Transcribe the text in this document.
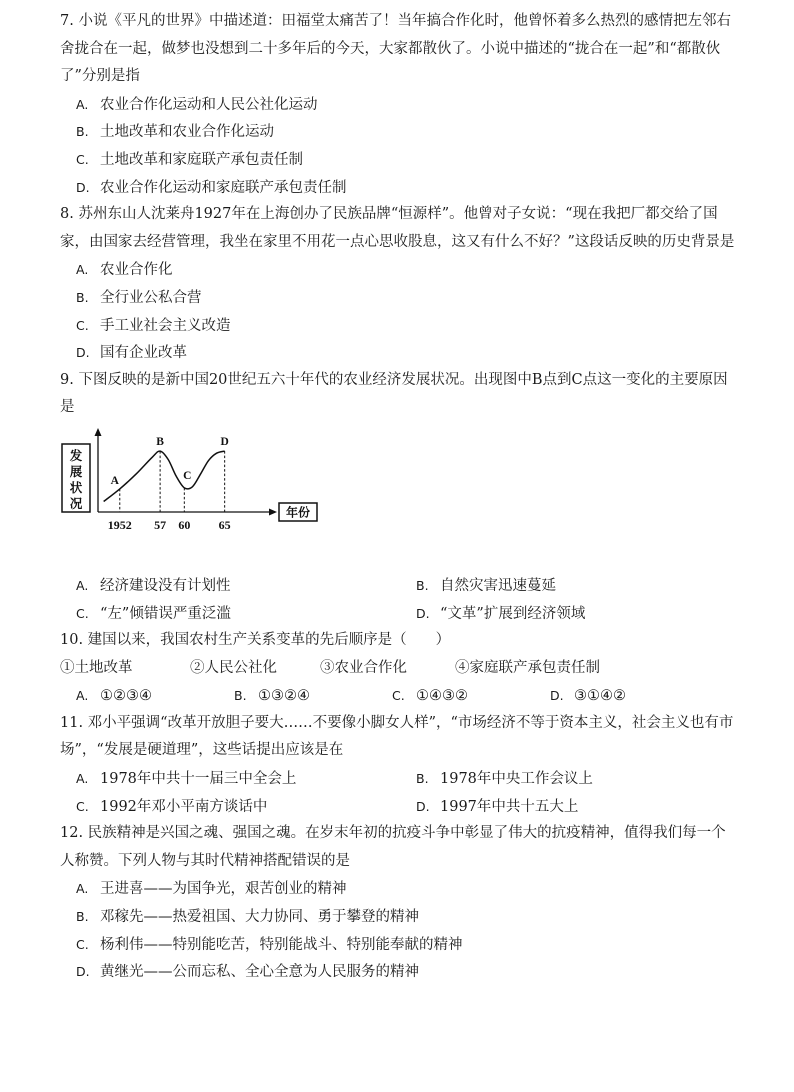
7. 小说《平凡的世界》中描述道：田福堂太痛苦了！当年搞合作化时，他曾怀着多么热烈的感情把左邻右舍拢合在一起，做梦也没想到二十多年后的今天，大家都散伙了。小说中描述的“拢合在一起”和“都散伙了”分别是指

A. 农业合作化运动和人民公社化运动
B. 土地改革和农业合作化运动
C. 土地改革和家庭联产承包责任制
D. 农业合作化运动和家庭联产承包责任制

8. 苏州东山人沈莱舟1927年在上海创办了民族品牌“恒源样”。他曾对子女说：“现在我把厂都交给了国家，由国家去经营管理，我坐在家里不用花一点心思收股息，这又有什么不好？”这段话反映的历史背景是

A. 农业合作化
B. 全行业公私合营
C. 手工业社会主义改造
D. 国有企业改革

9. 下图反映的是新中国20世纪五六十年代的农业经济发展状况。出现图中B点到C点这一变化的主要原因是

发
展
状
况
年份
A
1952
B
57
C
60
D
65
A. 经济建设没有计划性	B. 自然灾害迅速蔓延
C. “左”倾错误严重泛滥	D. “文革”扩展到经济领域

10. 建国以来，我国农村生产关系变革的先后顺序是（　　）

①土地改革	②人民公社化	③农业合作化	④家庭联产承包责任制
A. ①②③④	B. ①③②④	C. ①④③②	D. ③①④②

11. 邓小平强调“改革开放胆子要大……不要像小脚女人样”，“市场经济不等于资本主义，社会主义也有市场”，“发展是硬道理”，这些话提出应该是在

A. 1978年中共十一届三中全会上	B. 1978年中央工作会议上
C. 1992年邓小平南方谈话中	D. 1997年中共十五大上

12. 民族精神是兴国之魂、强国之魂。在岁末年初的抗疫斗争中彰显了伟大的抗疫精神，值得我们每一个人称赞。下列人物与其时代精神搭配错误的是

A. 王进喜——为国争光，艰苦创业的精神
B. 邓稼先——热爱祖国、大力协同、勇于攀登的精神
C. 杨利伟——特别能吃苦，特别能战斗、特别能奉献的精神
D. 黄继光——公而忘私、全心全意为人民服务的精神
